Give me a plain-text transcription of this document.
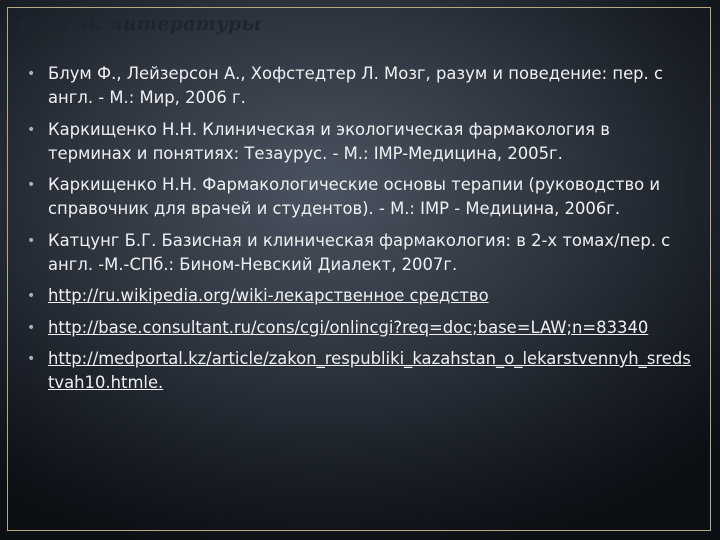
Список литературы
• Блум Ф., Лейзерсон А., Хофстедтер Л. Мозг, разум и поведение: пер. с англ. - М.: Мир, 2006 г.
• Каркищенко Н.Н. Клиническая и экологическая фармакология в терминах и понятиях: Тезаурус. - М.: IMP-Медицина, 2005г.
• Каркищенко Н.Н. Фармакологические основы терапии (руководство и справочник для врачей и студентов). - М.: IMP - Медицина, 2006г.
• Катцунг Б.Г. Базисная и клиническая фармакология: в 2-х томах/пер. с англ. -М.-СПб.: Бином-Невский Диалект, 2007г.
• http://ru.wikipedia.org/wiki-лекарственное средство
• http://base.consultant.ru/cons/cgi/onlincgi?req=doc;base=LAW;n=83340
• http://medportal.kz/article/zakon_respubliki_kazahstan_o_lekarstvennyh_sredstvah10.htmle.
